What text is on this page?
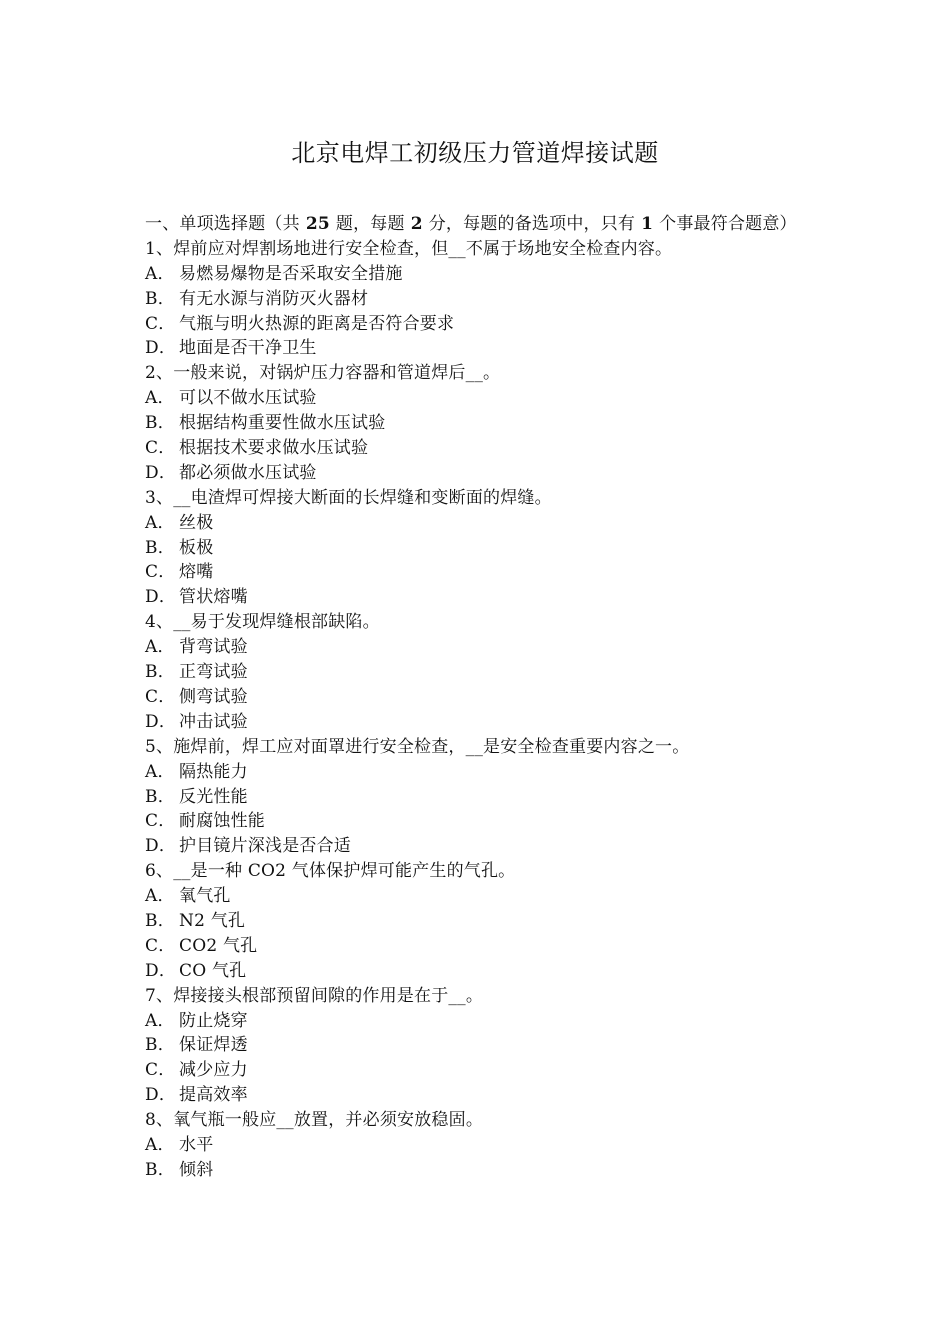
北京电焊工初级压力管道焊接试题
一、单项选择题（共 25 题，每题 2 分，每题的备选项中，只有 1 个事最符合题意）
1、焊前应对焊割场地进行安全检查，但__不属于场地安全检查内容。
A． 易燃易爆物是否采取安全措施
B． 有无水源与消防灭火器材
C． 气瓶与明火热源的距离是否符合要求
D． 地面是否干净卫生
2、一般来说，对锅炉压力容器和管道焊后__。
A． 可以不做水压试验
B． 根据结构重要性做水压试验
C． 根据技术要求做水压试验
D． 都必须做水压试验
3、__电渣焊可焊接大断面的长焊缝和变断面的焊缝。
A． 丝极
B． 板极
C． 熔嘴
D． 管状熔嘴
4、__易于发现焊缝根部缺陷。
A． 背弯试验
B． 正弯试验
C． 侧弯试验
D． 冲击试验
5、施焊前，焊工应对面罩进行安全检查，__是安全检查重要内容之一。
A． 隔热能力
B． 反光性能
C． 耐腐蚀性能
D． 护目镜片深浅是否合适
6、__是一种 CO2 气体保护焊可能产生的气孔。
A． 氧气孔
B． N2 气孔
C． CO2 气孔
D． CO 气孔
7、焊接接头根部预留间隙的作用是在于__。
A． 防止烧穿
B． 保证焊透
C． 减少应力
D． 提高效率
8、氧气瓶一般应__放置，并必须安放稳固。
A． 水平
B． 倾斜
